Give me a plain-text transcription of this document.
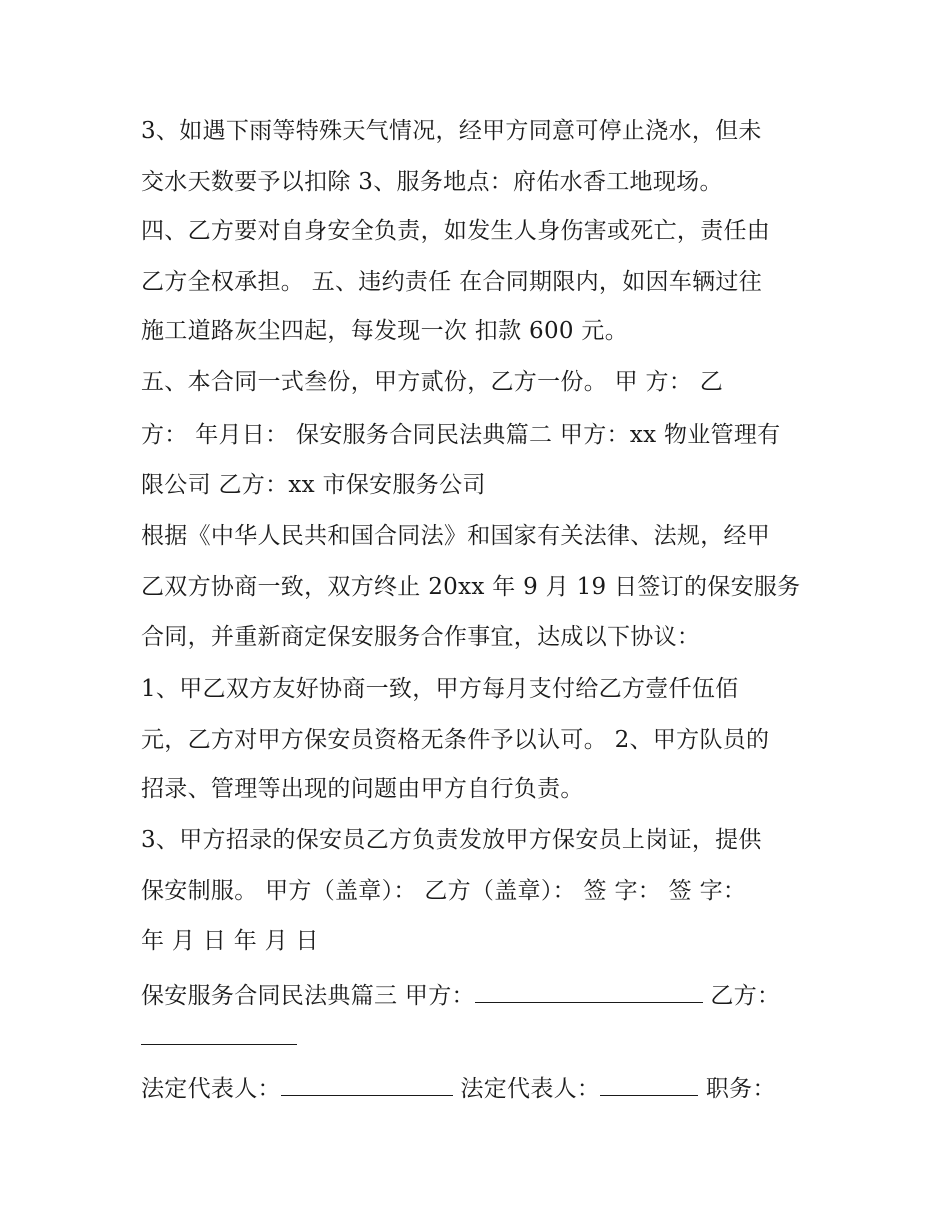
3、如遇下雨等特殊天气情况，经甲方同意可停止浇水，但未
交水天数要予以扣除 3、服务地点：府佑水香工地现场。
四、乙方要对自身安全负责，如发生人身伤害或死亡，责任由
乙方全权承担。 五、违约责任 在合同期限内，如因车辆过往
施工道路灰尘四起，每发现一次 扣款 600 元。
五、本合同一式叁份，甲方贰份，乙方一份。 甲 方： 乙
方： 年月日： 保安服务合同民法典篇二 甲方：xx 物业管理有
限公司 乙方：xx 市保安服务公司
根据《中华人民共和国合同法》和国家有关法律、法规，经甲
乙双方协商一致，双方终止 20xx 年 9 月 19 日签订的保安服务
合同，并重新商定保安服务合作事宜，达成以下协议：
1、甲乙双方友好协商一致，甲方每月支付给乙方壹仟伍佰
元，乙方对甲方保安员资格无条件予以认可。 2、甲方队员的
招录、管理等出现的问题由甲方自行负责。
3、甲方招录的保安员乙方负责发放甲方保安员上岗证，提供
保安制服。 甲方（盖章）： 乙方（盖章）： 签 字： 签 字：
年 月 日 年 月 日
保安服务合同民法典篇三 甲方：	乙方：
法定代表人：	法定代表人：	职务：
